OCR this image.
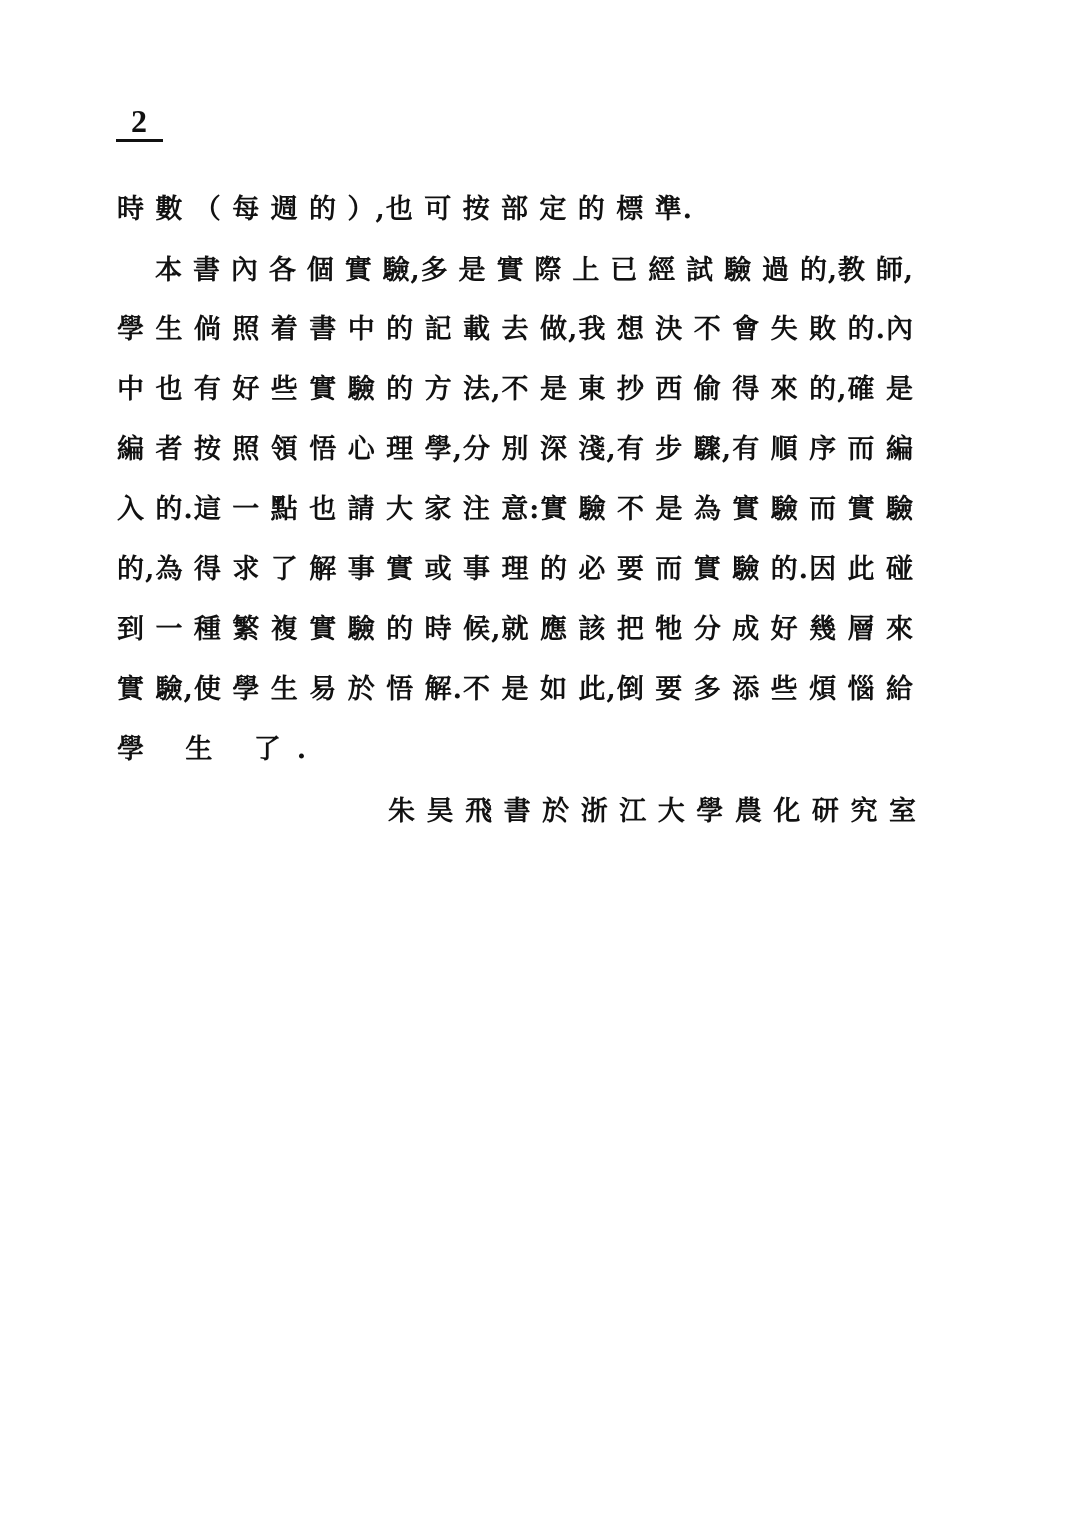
2
時 數 （ 每 週 的 ）,也 可 按 部 定 的 標 準.
本 書 內 各 個 實 驗,多 是 實 際 上 已 經 試 驗 過 的,教 師,
學 生 倘 照 着 書 中 的 記 載 去 做,我 想 決 不 會 失 敗 的.內
中 也 有 好 些 實 驗 的 方 法,不 是 東 抄 西 偷 得 來 的,確 是
編 者 按 照 領 悟 心 理 學,分 別 深 淺,有 步 驟,有 順 序 而 編
入 的.這 一 點 也 請 大 家 注 意:實 驗 不 是 為 實 驗 而 實 驗
的,為 得 求 了 解 事 實 或 事 理 的 必 要 而 實 驗 的.因 此 碰
到 一 種 繁 複 實 驗 的 時 候,就 應 該 把 牠 分 成 好 幾 層 來
實 驗,使 學 生 易 於 悟 解.不 是 如 此,倒 要 多 添 些 煩 惱 給
學 生 了.
朱 昊 飛 書 於 浙 江 大 學 農 化 研 究 室
